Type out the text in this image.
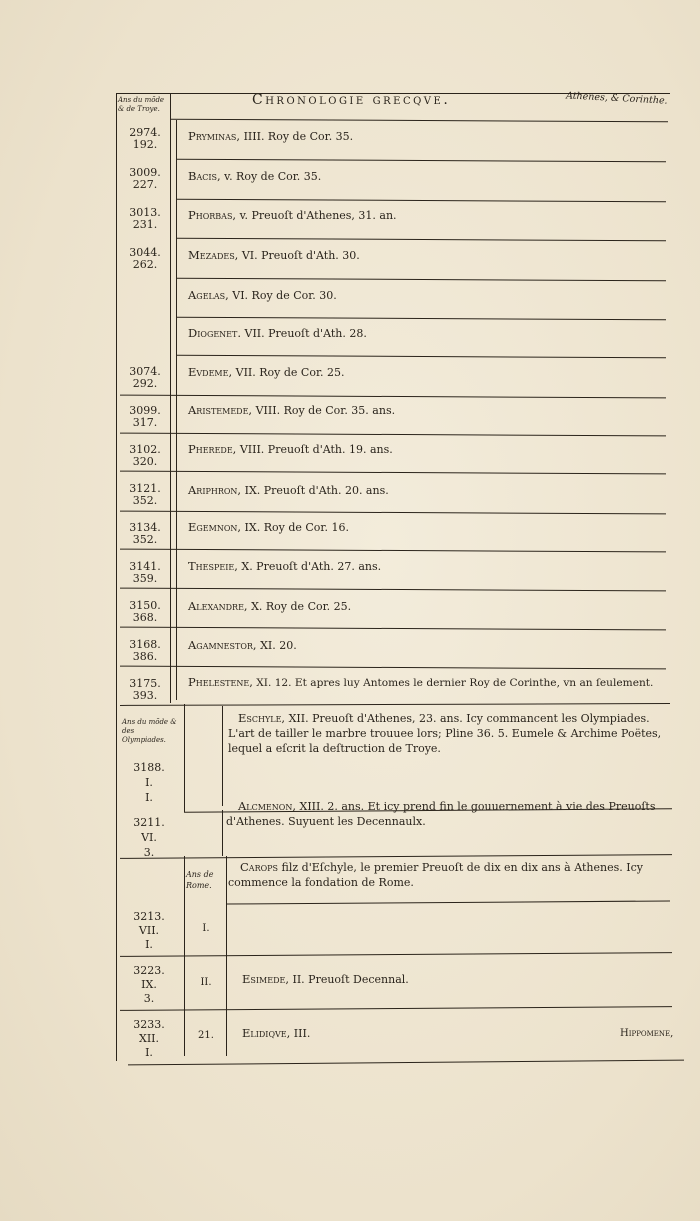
Ans du mõde & de Troye.
Chronologie grecqve.	Athenes, & Corinthe.
2974.
192.
Pryminas, IIII. Roy de Cor. 35.
3009.
227.
Bacis, v. Roy de Cor. 35.
3013.
231.
Phorbas, v. Preuoſt d'Athenes, 31. an.
3044.
262.
Mezades, VI. Preuoſt d'Ath. 30.
Agelas, VI. Roy de Cor. 30.
Diogenet. VII. Preuoſt d'Ath. 28.
3074.
292.
Evdeme, VII. Roy de Cor. 25.
3099.
317.
Aristemede, VIII. Roy de Cor. 35. ans.
3102.
320.
Pherede, VIII. Preuoſt d'Ath. 19. ans.
3121.
352.
Ariphron, IX. Preuoſt d'Ath. 20. ans.
3134.
352.
Egemnon, IX. Roy de Cor. 16.
3141.
359.
Thespeie, X. Preuoſt d'Ath. 27. ans.
3150.
368.
Alexandre, X. Roy de Cor. 25.
3168.
386.
Agamnestor, XI. 20.
3175.
393.
Phelestene, XI. 12. Et apres luy Antomes le dernier Roy de Corinthe, vn an ſeulement.
Ans du mõde & des Olympiades.
3188.
I.
I.
Eschyle, XII. Preuoſt d'Athenes, 23. ans. Icy commancent les Olympiades. L'art de tailler le marbre trouuee lors; Pline 36. 5. Eumele & Archime Poëtes, lequel a eſcrit la deſtruction de Troye.
3211.
VI.
3.
Alcmenon, XIII. 2. ans. Et icy prend fin le gouuernement à vie des Preuoſts d'Athenes. Suyuent les Decennaulx.
Ans de Rome.
Carops filz d'Eſchyle, le premier Preuoſt de dix en dix ans à Athenes. Icy commence la fondation de Rome.
3213.
VII.
I.
I.
3223.
IX.
3.
II.	Esimede, II. Preuoſt Decennal.
3233.
XII.
I.
21.	Elidiqve, III.	Hippomene,
